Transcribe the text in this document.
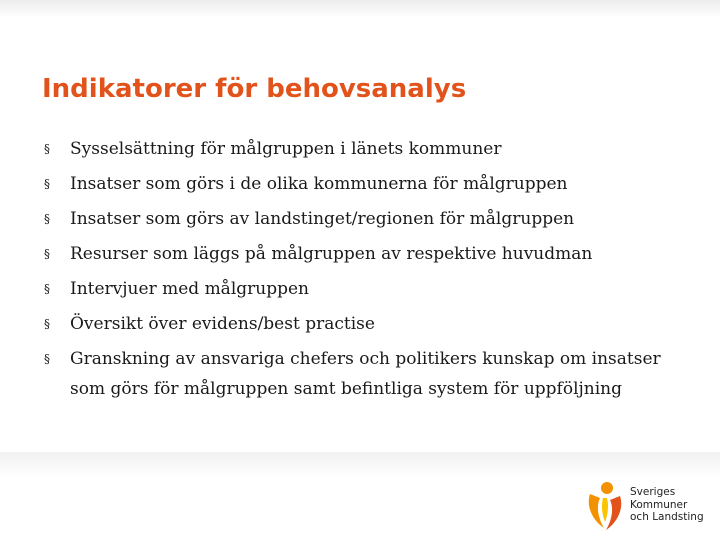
Indikatorer för behovsanalys
§ Sysselsättning för målgruppen i länets kommuner
§ Insatser som görs i de olika kommunerna för målgruppen
§ Insatser som görs av landstinget/regionen för målgruppen
§ Resurser som läggs på målgruppen av respektive huvudman
§ Intervjuer med målgruppen
§ Översikt över evidens/best practise
§ Granskning av ansvariga chefers och politikers kunskap om insatser som görs för målgruppen samt befintliga system för uppföljning
Sveriges
Kommuner
och Landsting
